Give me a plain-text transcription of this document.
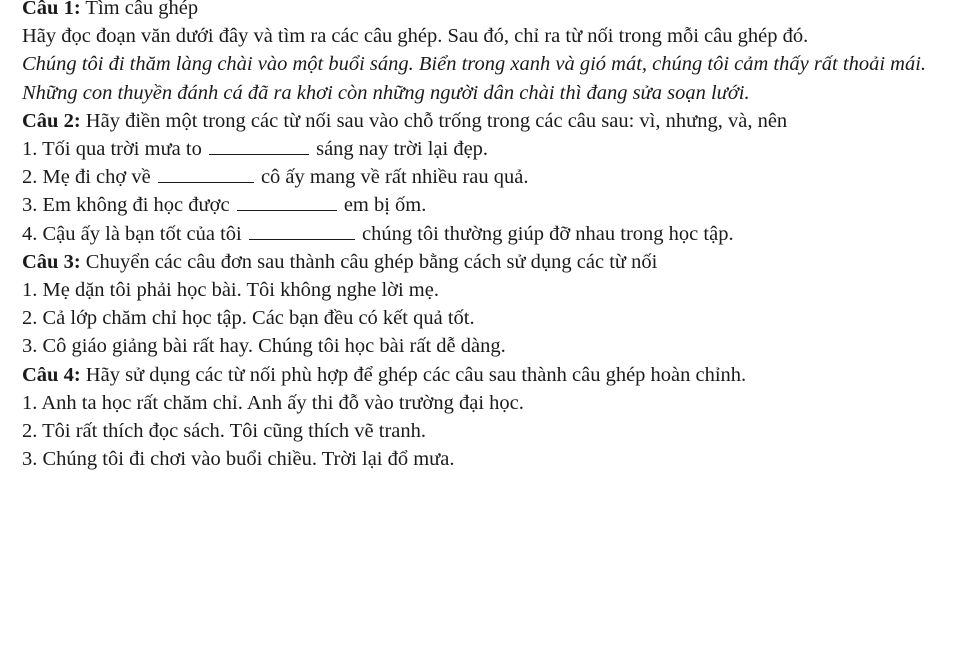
Câu 1: Tìm câu ghép

Hãy đọc đoạn văn dưới đây và tìm ra các câu ghép. Sau đó, chỉ ra từ nối trong mỗi câu ghép đó.

Chúng tôi đi thăm làng chài vào một buổi sáng. Biển trong xanh và gió mát, chúng tôi cảm thấy rất thoải mái. Những con thuyền đánh cá đã ra khơi còn những người dân chài thì đang sửa soạn lưới.

Câu 2: Hãy điền một trong các từ nối sau vào chỗ trống trong các câu sau: vì, nhưng, và, nên

1. Tối qua trời mưa to	sáng nay trời lại đẹp.

2. Mẹ đi chợ về	cô ấy mang về rất nhiều rau quả.

3. Em không đi học được	em bị ốm.

4. Cậu ấy là bạn tốt của tôi	chúng tôi thường giúp đỡ nhau trong học tập.

Câu 3: Chuyển các câu đơn sau thành câu ghép bằng cách sử dụng các từ nối

1. Mẹ dặn tôi phải học bài. Tôi không nghe lời mẹ.

2. Cả lớp chăm chỉ học tập. Các bạn đều có kết quả tốt.

3. Cô giáo giảng bài rất hay. Chúng tôi học bài rất dễ dàng.

Câu 4: Hãy sử dụng các từ nối phù hợp để ghép các câu sau thành câu ghép hoàn chỉnh.

1. Anh ta học rất chăm chỉ. Anh ấy thi đỗ vào trường đại học.

2. Tôi rất thích đọc sách. Tôi cũng thích vẽ tranh.

3. Chúng tôi đi chơi vào buổi chiều. Trời lại đổ mưa.
